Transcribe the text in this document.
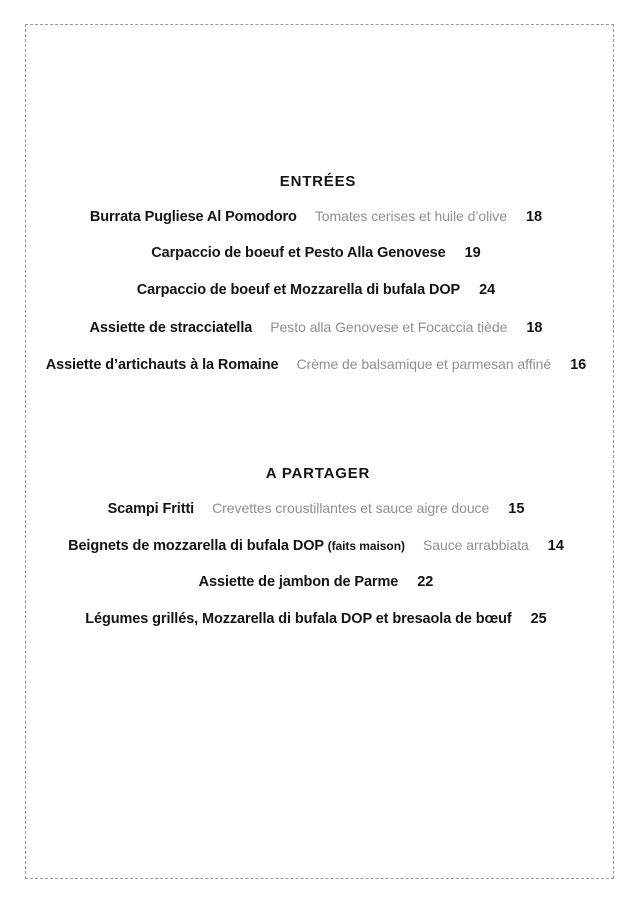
ENTRÉES
Burrata Pugliese Al Pomodoro Tomates cerises et huile d’olive 18
Carpaccio de boeuf et Pesto Alla Genovese 19
Carpaccio de boeuf et Mozzarella di bufala DOP 24
Assiette de stracciatella Pesto alla Genovese et Focaccia tiède 18
Assiette d’artichauts à la Romaine Crème de balsamique et parmesan affiné 16
A PARTAGER
Scampi Fritti Crevettes croustillantes et sauce aigre douce 15
Beignets de mozzarella di bufala DOP (faits maison) Sauce arrabbiata 14
Assiette de jambon de Parme 22
Légumes grillés, Mozzarella di bufala DOP et bresaola de bœuf 25
